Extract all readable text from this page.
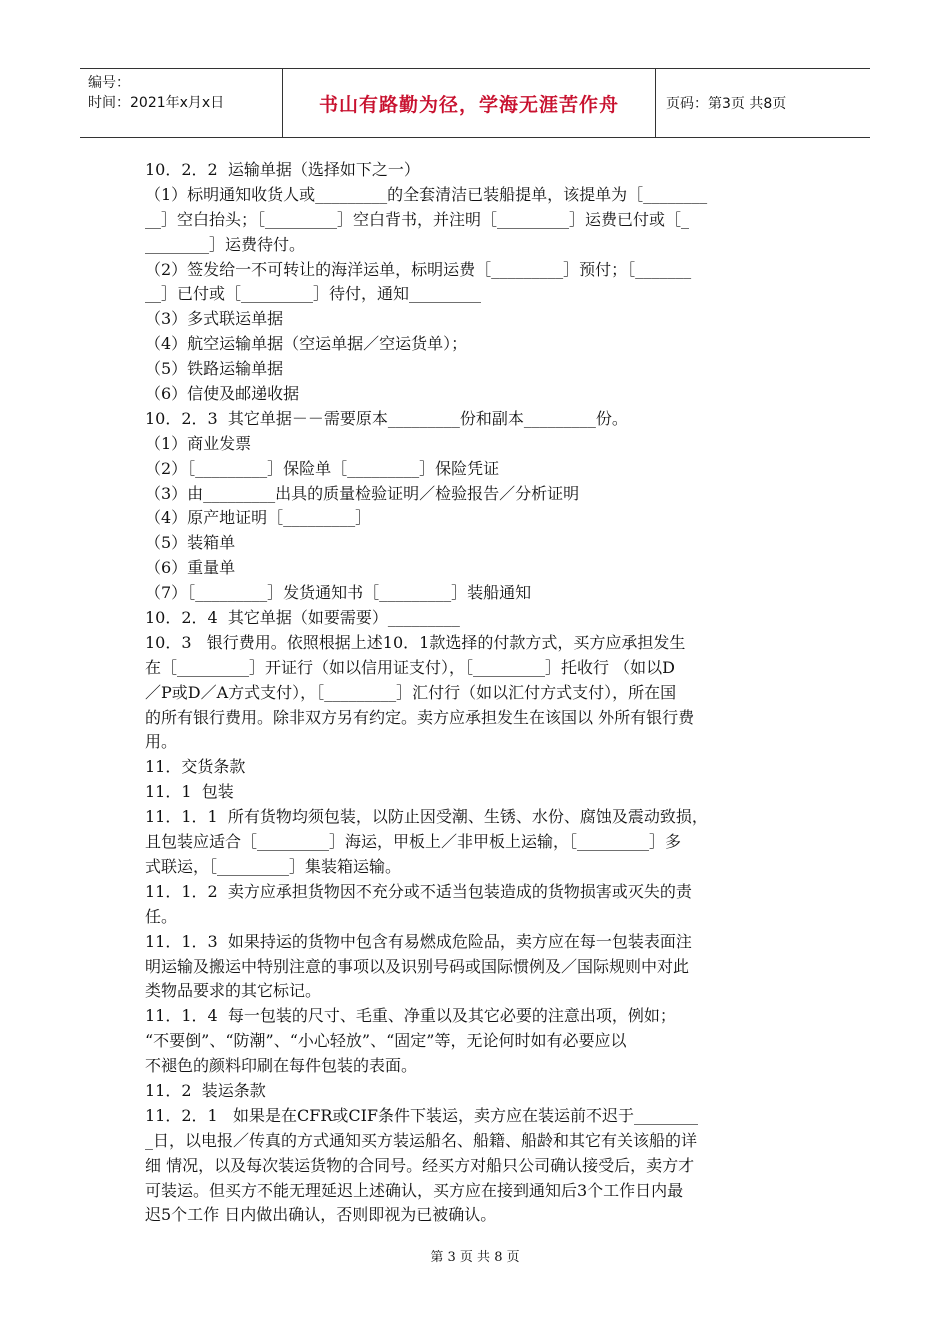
编号：
时间：2021年x月x日	书山有路勤为径，学海无涯苦作舟	页码：第3页 共8页
10．2．2  运输单据（选择如下之一）
（1）标明通知收货人或_________的全套清洁已装船提单，该提单为［________
__］空白抬头；［_________］空白背书，并注明［_________］运费已付或［_
________］运费待付。
（2）签发给一不可转让的海洋运单，标明运费［_________］预付；［_______
__］已付或［_________］待付，通知_________
（3）多式联运单据
（4）航空运输单据（空运单据／空运货单）；
（5）铁路运输单据
（6）信使及邮递收据
10．2．3  其它单据－－需要原本_________份和副本_________份。
（1）商业发票
（2）［_________］保险单［_________］保险凭证
（3）由_________出具的质量检验证明／检验报告／分析证明
（4）原产地证明［_________］
（5）装箱单
（6）重量单
（7）［_________］发货通知书［_________］装船通知
10．2．4  其它单据（如要需要）_________
10．3   银行费用。依照根据上述10．1款选择的付款方式，买方应承担发生
在［_________］开证行（如以信用证支付），［_________］托收行 （如以D
／P或D／A方式支付），［_________］汇付行（如以汇付方式支付），所在国
的所有银行费用。除非双方另有约定。卖方应承担发生在该国以 外所有银行费
用。
11．交货条款
11．1  包装
11．1．1  所有货物均须包装，以防止因受潮、生锈、水份、腐蚀及震动致损，
且包装应适合［_________］海运，甲板上／非甲板上运输，［_________］多
式联运，［_________］集装箱运输。
11．1．2  卖方应承担货物因不充分或不适当包装造成的货物损害或灭失的责
任。
11．1．3  如果持运的货物中包含有易燃成危险品，卖方应在每一包装表面注
明运输及搬运中特别注意的事项以及识别号码或国际惯例及／国际规则中对此
类物品要求的其它标记。
11．1．4  每一包装的尺寸、毛重、净重以及其它必要的注意出项，例如；
“不要倒”、“防潮”、“小心轻放”、“固定”等，无论何时如有必要应以
不褪色的颜料印刷在每件包装的表面。
11．2  装运条款
11．2．1   如果是在CFR或CIF条件下装运，卖方应在装运前不迟于________
_日，以电报／传真的方式通知买方装运船名、船籍、船龄和其它有关该船的详
细 情况，以及每次装运货物的合同号。经买方对船只公司确认接受后，卖方才
可装运。但买方不能无理延迟上述确认，买方应在接到通知后3个工作日内最
迟5个工作 日内做出确认，否则即视为已被确认。
第 3 页 共 8 页
